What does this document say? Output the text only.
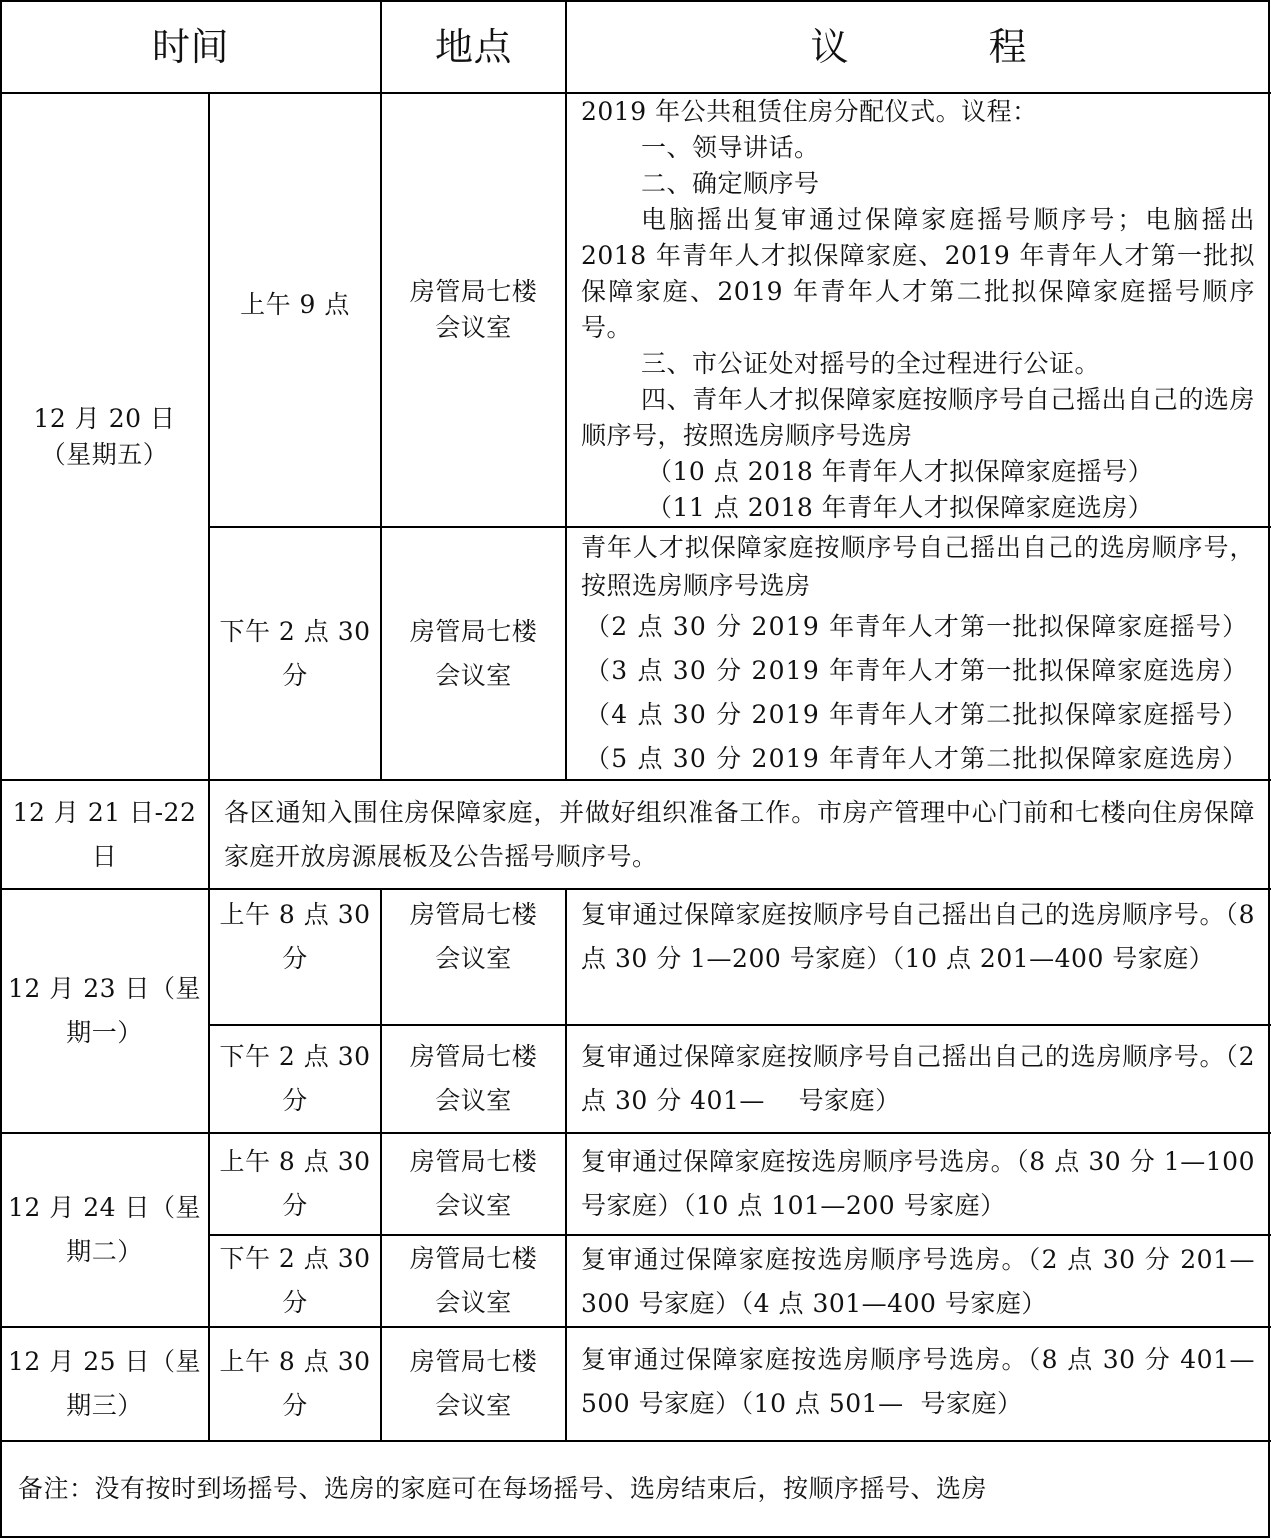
时间	地点	议程
12 月 20 日
（星期五）
上午 9 点 房管局七楼
会议室
2019 年公共租赁住房分配仪式。议程：
一、领导讲话。
二、确定顺序号
电脑摇出复审通过保障家庭摇号顺序号；电脑摇出 2018 年青年人才拟保障家庭、2019 年青年人才第一批拟保障家庭、2019 年青年人才第二批拟保障家庭摇号顺序号。
三、市公证处对摇号的全过程进行公证。
四、青年人才拟保障家庭按顺序号自己摇出自己的选房顺序号，按照选房顺序号选房
（10 点 2018 年青年人才拟保障家庭摇号）
（11 点 2018 年青年人才拟保障家庭选房）
下午 2 点 30
分
房管局七楼
会议室
青年人才拟保障家庭按顺序号自己摇出自己的选房顺序号，按照选房顺序号选房
（2 点 30 分 2019 年青年人才第一批拟保障家庭摇号）
（3 点 30 分 2019 年青年人才第一批拟保障家庭选房）
（4 点 30 分 2019 年青年人才第二批拟保障家庭摇号）
（5 点 30 分 2019 年青年人才第二批拟保障家庭选房）
12 月 21 日-22
日
各区通知入围住房保障家庭，并做好组织准备工作。市房产管理中心门前和七楼向住房保障家庭开放房源展板及公告摇号顺序号。
12 月 23 日（星
期一）
上午 8 点 30
分
房管局七楼
会议室
复审通过保障家庭按顺序号自己摇出自己的选房顺序号。（8 点 30 分 1—200 号家庭）（10 点 201—400 号家庭）
下午 2 点 30
分
房管局七楼
会议室
复审通过保障家庭按顺序号自己摇出自己的选房顺序号。（2 点 30 分 401—    号家庭）
12 月 24 日（星
期二）
上午 8 点 30
分
房管局七楼
会议室
复审通过保障家庭按选房顺序号选房。（8 点 30 分 1—100 号家庭）（10 点 101—200 号家庭）
下午 2 点 30
分
房管局七楼
会议室
复审通过保障家庭按选房顺序号选房。（2 点 30 分 201—300 号家庭）（4 点 301—400 号家庭）
12 月 25 日（星
期三）
上午 8 点 30
分
房管局七楼
会议室
复审通过保障家庭按选房顺序号选房。（8 点 30 分 401—500 号家庭）（10 点 501—  号家庭）
备注：没有按时到场摇号、选房的家庭可在每场摇号、选房结束后，按顺序摇号、选房
